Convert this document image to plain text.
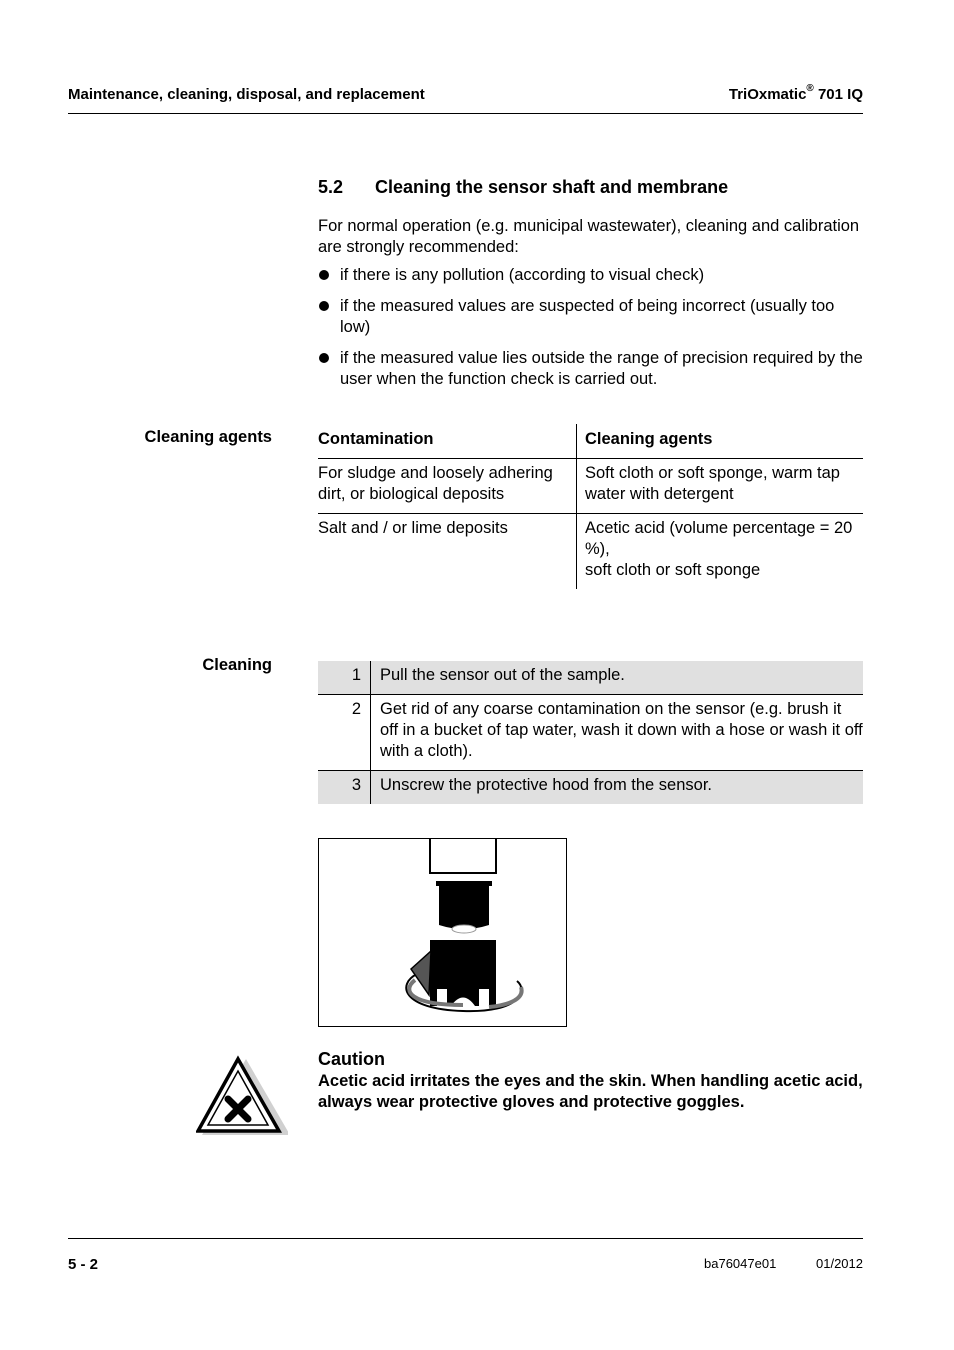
Maintenance, cleaning, disposal, and replacement	TriOxmatic® 701 IQ
5.2 Cleaning the sensor shaft and membrane
For normal operation (e.g. municipal wastewater), cleaning and calibration are strongly recommended:
if there is any pollution (according to visual check)
if the measured values are suspected of being incorrect (usually too low)
if the measured value lies outside the range of precision required by the user when the function check is carried out.
Cleaning agents	Contamination	Cleaning agents
For sludge and loosely adhering dirt, or biological deposits	Soft cloth or soft sponge, warm tap water with detergent
Salt and / or lime deposits	Acetic acid (volume percentage = 20 %),
soft cloth or soft sponge
Cleaning
1	Pull the sensor out of the sample.
2	Get rid of any coarse contamination on the sensor (e.g. brush it off in a bucket of tap water, wash it down with a hose or wash it off with a cloth).
3	Unscrew the protective hood from the sensor.
Caution
Acetic acid irritates the eyes and the skin. When handling acetic acid, always wear protective gloves and protective goggles.
5 - 2	ba76047e01	01/2012
